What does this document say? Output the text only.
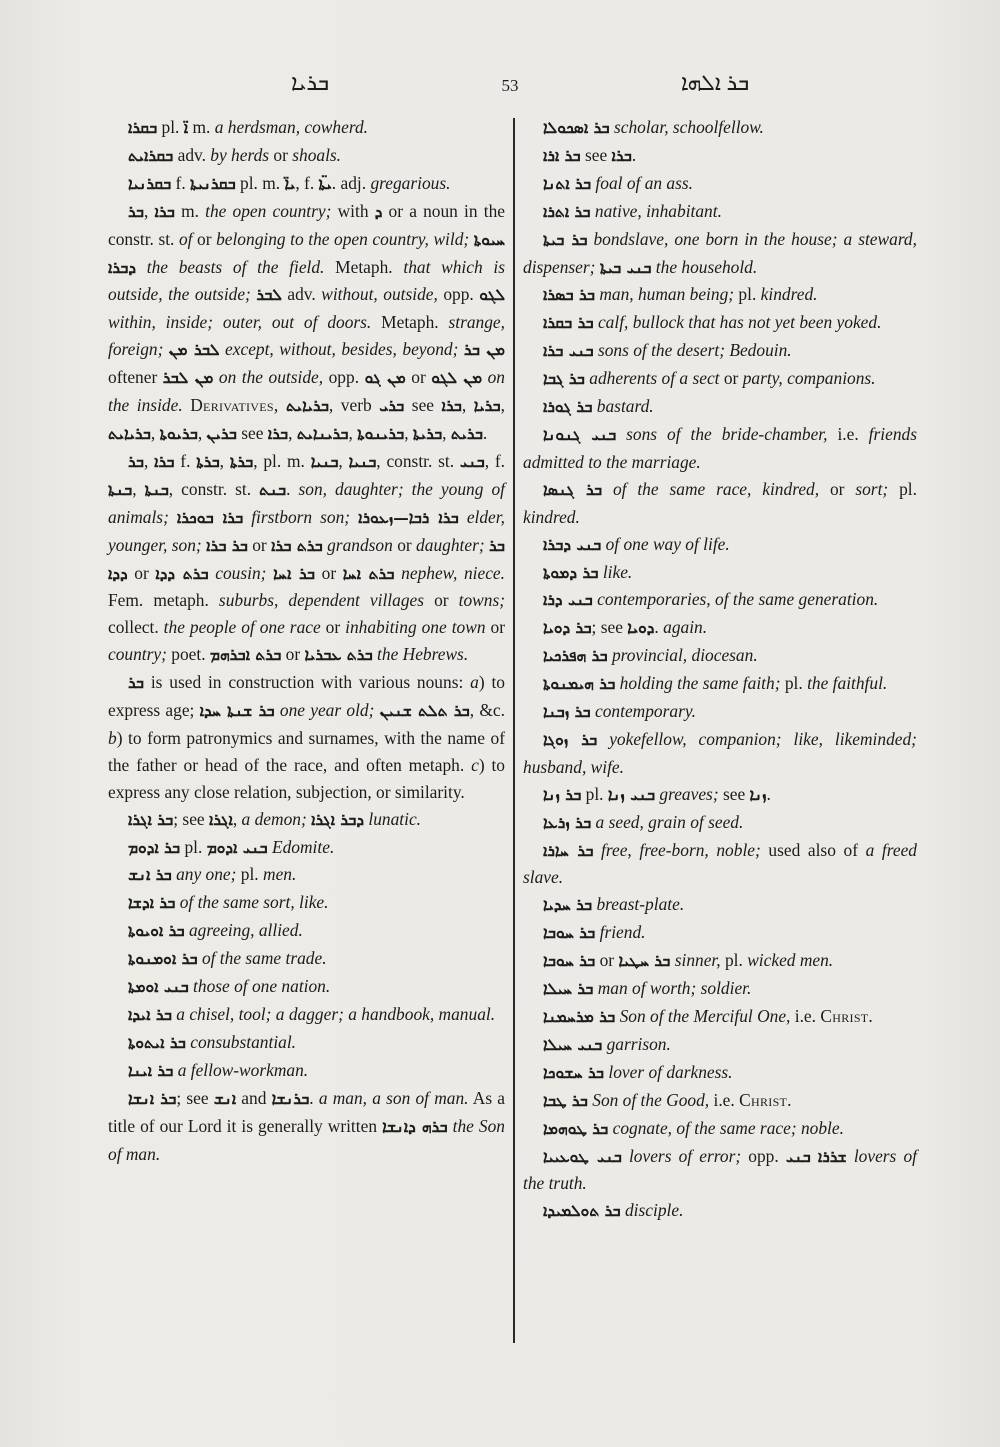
ܒܪܝܐ	53	ܒܪ ܐܠܗܐ

ܒܩܪܐ pl. ܐ̈ m. a herdsman, cowherd.

ܒܩܪܐܝܬ adv. by herds or shoals.

ܒܩܪܢܝܐ f. ܒܩܪܢܝܬܐ pl. m. ܝܐ̈, f. ܝܬܐ̈. adj. gregarious.

ܒܪ, ܒܪܐ m. the open country; with ܕ or a noun in the constr. st. of or belonging to the open country, wild; ܚܝܘܬܐ ܕܒܪܐ the beasts of the field. Metaph. that which is outside, the outside; ܠܒܪ adv. without, outside, opp. ܠܓܘ within, inside; outer, out of doors. Metaph. strange, foreign; ܠܒܪ ܡܢ except, without, besides, beyond; ܡܢ ܒܪ oftener ܡܢ ܠܒܪ on the outside, opp. ܡܢ ܓܘ or ܡܢ ܠܓܘ on the inside. Derivatives, ܒܪܝܐܝܬ, verb ܒܪܝ see ܒܪܐ, ܒܪܝܐ, ܒܪܝܐܝܬ, ܒܪܝܘܬܐ, ܒܪܝܢ see ܒܪܐ, ܒܪܝܢܐܝܬ, ܒܪܝܢܘܬܐ, ܒܪܝܬܐ, ܒܪܝܬ.

ܒܪ, ܒܪܐ f. ܒܪܬܐ, ܒܪܬܐ, pl. m. ܒܢܝܐ, ܒܢܝܐ, constr. st. ܒܢܝ, f. ܒܢܬܐ, ܒܢܬܐ, constr. st. ܒܢܬ. son, daughter; the young of animals; ܒܪܐ ܒܘܟܪܐ firstborn son; ܒܪܐ ܪܒܐ—ܙܥܘܪܐ elder, younger, son; ܒܪ ܒܪܐ or ܒܪܬ ܒܪܐ grandson or daughter; ܒܪ ܕܕܐ or ܒܪܬ ܕܕܐ cousin; ܒܪ ܐܚܐ or ܒܪܬ ܐܚܐ nephew, niece. Fem. metaph. suburbs, dependent villages or towns; collect. the people of one race or inhabiting one town or country; poet. ܒܪܬ ܐܒܪܗܡ or ܒܪܬ ܥܒܪܝܐ the Hebrews.

ܒܪ is used in construction with various nouns: a) to express age; ܒܪ ܫܢܬܐ ܚܕܐ one year old; ܒܪ ܬܠܬ ܫܢܝܢ, &c. b) to form patronymics and surnames, with the name of the father or head of the race, and often metaph. c) to express any close relation, subjection, or similarity.

ܒܪ ܐܓܪܐ; see ܐܓܪܐ, a demon; ܕܒܪ ܐܓܪܐ lunatic.

ܒܪ ܐܕܘܡ pl. ܒܢܝ ܐܕܘܡ Edomite.

ܒܪ ܐܢܫ any one; pl. men.

ܒܪ ܐܕܫܐ of the same sort, like.

ܒܪ ܐܘܝܘܬܐ agreeing, allied.

ܒܪ ܐܘܡܢܘܬܐ of the same trade.

ܒܢܝ ܐܘܡܬܐ those of one nation.

ܒܪ ܐܝܕܐ a chisel, tool; a dagger; a handbook, manual.

ܒܪ ܐܝܬܘܬܐ consubstantial.

ܒܪ ܐܝܢܐ a fellow-workman.

ܒܪ ܐܢܫܐ; see ܐܢܫ and ܒܪܢܫܐ. a man, a son of man. As a title of our Lord it is generally written ܒܪܗ ܕܐܢܫܐ the Son of man.

ܒܪ ܐܣܟܘܠܐ scholar, schoolfellow.

ܒܪ ܐܪܐ see ܒܪܐ.

ܒܪ ܐܬܢܐ foal of an ass.

ܒܪ ܐܬܪܐ native, inhabitant.

ܒܪ ܒܝܬܐ bondslave, one born in the house; a steward, dispenser; ܒܢܝ ܒܝܬܐ the household.

ܒܪ ܒܣܪܐ man, human being; pl. kindred.

ܒܪ ܒܩܪܐ calf, bullock that has not yet been yoked.

ܒܢܝ ܒܪܐ sons of the desert; Bedouin.

ܒܪ ܓܒܐ adherents of a sect or party, companions.

ܒܪ ܓܘܪܐ bastard.

ܒܢܝ ܓܢܘܢܐ sons of the bride-chamber, i.e. friends admitted to the marriage.

ܒܪ ܓܢܣܐ of the same race, kindred, or sort; pl. kindred.

ܒܢܝ ܕܒܪܐ of one way of life.

ܒܪ ܕܡܘܬܐ like.

ܒܢܝ ܕܪܐ contemporaries, of the same generation.

ܒܪ ܕܘܝܐ; see ܕܘܝܐ. again.

ܒܪ ܗܦܪܟܝܐ provincial, diocesan.

ܒܪ ܗܝܡܢܘܬܐ holding the same faith; pl. the faithful.

ܒܪ ܙܒܢܐ contemporary.

ܒܪ ܙܘܓܐ yokefellow, companion; like, likeminded; husband, wife.

ܒܪ ܙܢܐ pl. ܒܢܝ ܙܢܐ greaves; see ܙܢܐ.

ܒܪ ܙܪܥܐ a seed, grain of seed.

ܒܪ ܚܐܪܐ free, free-born, noble; used also of a freed slave.

ܒܪ ܚܕܝܐ breast-plate.

ܒܪ ܚܘܒܐ friend.

ܒܪ ܚܘܒܐ or ܒܪ ܚܛܝܐ sinner, pl. wicked men.

ܒܪ ܚܝܠܐ man of worth; soldier.

ܒܪ ܡܪܚܡܢܐ Son of the Merciful One, i.e. Christ.

ܒܢܝ ܚܝܠܐ garrison.

ܒܪ ܚܫܘܟܐ lover of darkness.

ܒܪ ܛܒܐ Son of the Good, i.e. Christ.

ܒܪ ܛܘܗܡܐ cognate, of the same race; noble.

ܒܢܝ ܛܘܥܝܝܐ lovers of error; opp. ܒܢܝ ܫܪܪܐ lovers of the truth.

ܒܪ ܬܘܠܡܝܕܐ disciple.
